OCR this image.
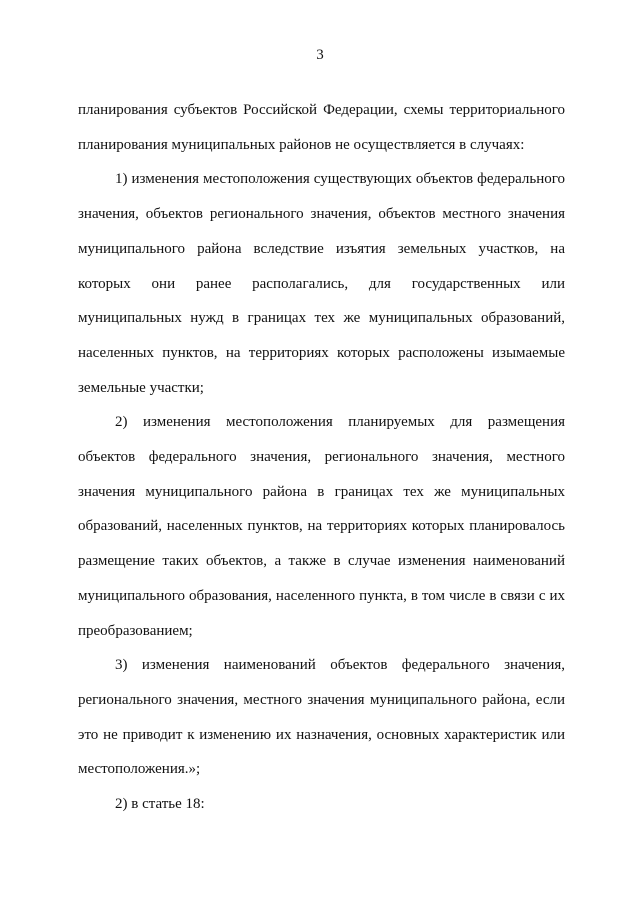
3

планирования субъектов Российской Федерации, схемы территориального планирования муниципальных районов не осуществляется в случаях:

1) изменения местоположения существующих объектов федерального значения, объектов регионального значения, объектов местного значения муниципального района вследствие изъятия земельных участков, на которых они ранее располагались, для государственных или муниципальных нужд в границах тех же муниципальных образований, населенных пунктов, на территориях которых расположены изымаемые земельные участки;

2) изменения местоположения планируемых для размещения объектов федерального значения, регионального значения, местного значения муниципального района в границах тех же муниципальных образований, населенных пунктов, на территориях которых планировалось размещение таких объектов, а также в случае изменения наименований муниципального образования, населенного пункта, в том числе в связи с их преобразованием;

3) изменения наименований объектов федерального значения, регионального значения, местного значения муниципального района, если это не приводит к изменению их назначения, основных характеристик или местоположения.»;

2) в статье 18:
